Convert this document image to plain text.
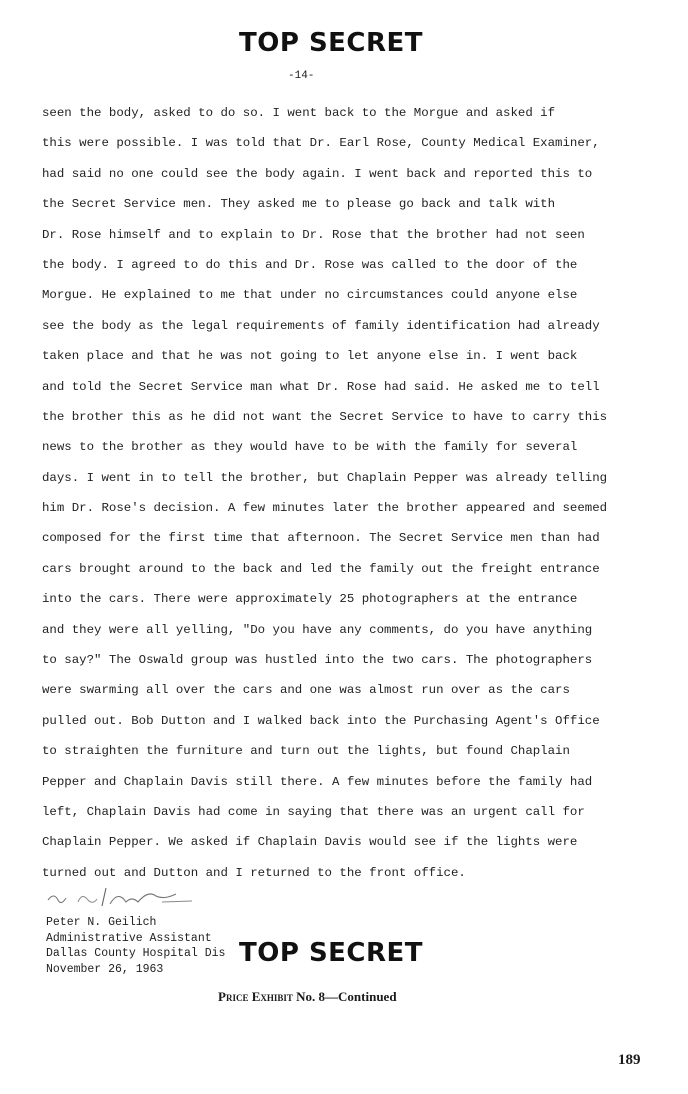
TOP SECRET
-14-
seen the body, asked to do so. I went back to the Morgue and asked if
this were possible. I was told that Dr. Earl Rose, County Medical Examiner,
had said no one could see the body again. I went back and reported this to
the Secret Service men. They asked me to please go back and talk with
Dr. Rose himself and to explain to Dr. Rose that the brother had not seen
the body. I agreed to do this and Dr. Rose was called to the door of the
Morgue. He explained to me that under no circumstances could anyone else
see the body as the legal requirements of family identification had already
taken place and that he was not going to let anyone else in. I went back
and told the Secret Service man what Dr. Rose had said. He asked me to tell
the brother this as he did not want the Secret Service to have to carry this
news to the brother as they would have to be with the family for several
days. I went in to tell the brother, but Chaplain Pepper was already telling
him Dr. Rose's decision. A few minutes later the brother appeared and seemed
composed for the first time that afternoon. The Secret Service men than had
cars brought around to the back and led the family out the freight entrance
into the cars. There were approximately 25 photographers at the entrance
and they were all yelling, "Do you have any comments, do you have anything
to say?" The Oswald group was hustled into the two cars. The photographers
were swarming all over the cars and one was almost run over as the cars
pulled out. Bob Dutton and I walked back into the Purchasing Agent's Office
to straighten the furniture and turn out the lights, but found Chaplain
Pepper and Chaplain Davis still there. A few minutes before the family had
left, Chaplain Davis had come in saying that there was an urgent call for
Chaplain Pepper. We asked if Chaplain Davis would see if the lights were
turned out and Dutton and I returned to the front office.
Peter N. Geilich
Administrative Assistant
Dallas County Hospital Dis
November 26, 1963
TOP SECRET
Price Exhibit No. 8—Continued
189
